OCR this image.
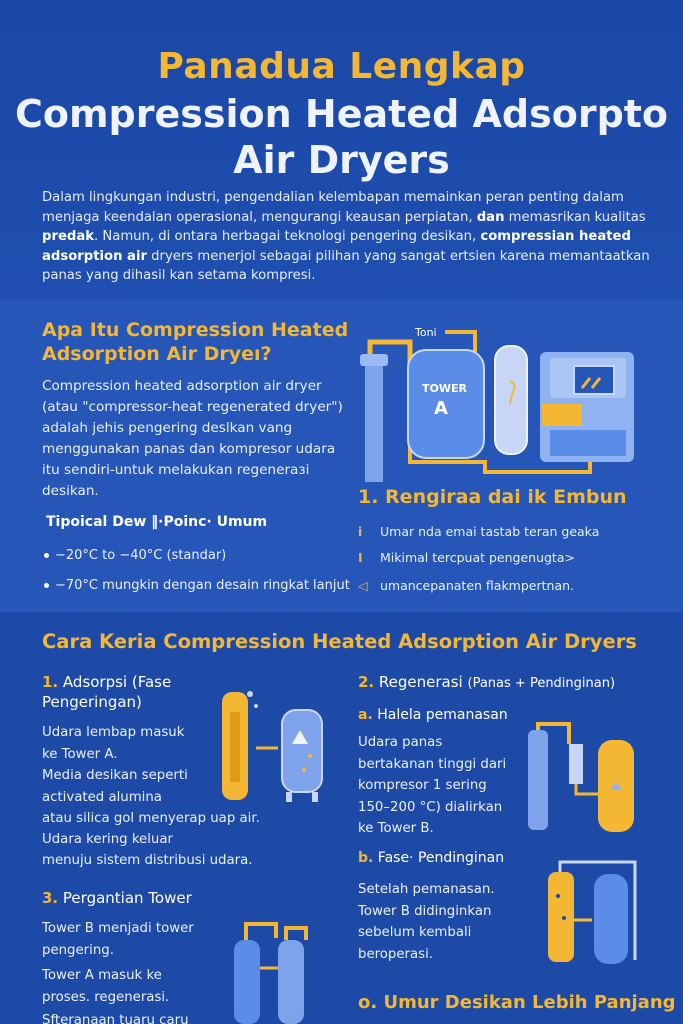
Panadua Lengkap
Compression Heated Adsorpto
Air Dryers
Dalam lingkungan industri, pengendalian kelembapan memainkan peran penting dalam menjaga keendalan operasional, mengurangi keausan perpiatan, dan memasrikan kualitas predak. Namun, di ontara herbagai teknologi pengering desikan, compressian heated adsorption air dryers menerjol sebagai pilihan yang sangat ertsien karena memantaatkan panas yang dihasil kan setama kompresi.
Apa Itu Compression Heated Adsorption Air Dryeı?
Compression heated adsorption air dryer (atau "compressor-heat regenerated dryer") adalah jehis pengering deslkan vang menggunakan panas dan kompresor udara itu sendiri-untuk melakukan regeneraɜi desikan.
Toni
TOWER
A
Tipoical Dew ‖·Poinc· Umum
−20°C to −40°C (standar)
−70°C mungkin dengan desain ringkat lanjut
1. Rengiraa dai ik Embun
i Umar nda emai tastab teran geaka
I Mikimal tercpuat pengenugta>
◁ umancepanaten flakmpertnan.
Cara Keria Compression Heated Adsorption Air Dryers
1. Adsorpsi (Fase Pengeringan)
Udara lembap masuk ke Tower A.
Media desikan seperti activated alumina
atau silica gol menyerap uap air.
Udara kering keluar
menuju sistem distribusi udara.
2. Regenerasi (Panas + Pendinginan)
a. Halela pemanasan
Udara panas bertakanan tinggi dari kompresor 1 sering 150–200 °C) dialirkan ke Tower B.
b. Fase· Pendinginan
Setelah pemanasan. Tower B didinginkan sebelum kembali beroperasi.
3. Pergantian Tower
Tower B menjadi tower pengering.
Tower A masuk ke proses. regenerasi.
Sfteranaan tuaru caru
o. Umur Desikan Lebih Panjang
